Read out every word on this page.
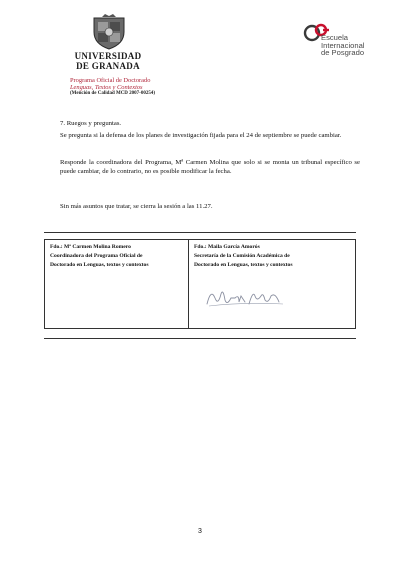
UNIVERSIDAD
DE GRANADA
Programa Oficial de Doctorado
Lenguas, Textos y Contextos
(Mención de Calidad MCD 2007-00254)
Escuela
Internacional
de Posgrado
7. Ruegos y preguntas.
Se pregunta si la defensa de los planes de investigación fijada para el 24 de septiembre se puede cambiar.
Responde la coordinadora del Programa, Mª Carmen Molina que solo si se monta un tribunal específico se puede cambiar, de lo contrario, no es posible modificar la fecha.
Sin más asuntos que tratar, se cierra la sesión a las 11.27.
Fdo.: Mª Carmen Molina Romero
Coordinadora del Programa Oficial de
Doctorado en Lenguas, textos y contextos

Fdo.: Maila García Amorós
Secretaría de la Comisión Académica de
Doctorado en Lenguas, textos y contextos
3
